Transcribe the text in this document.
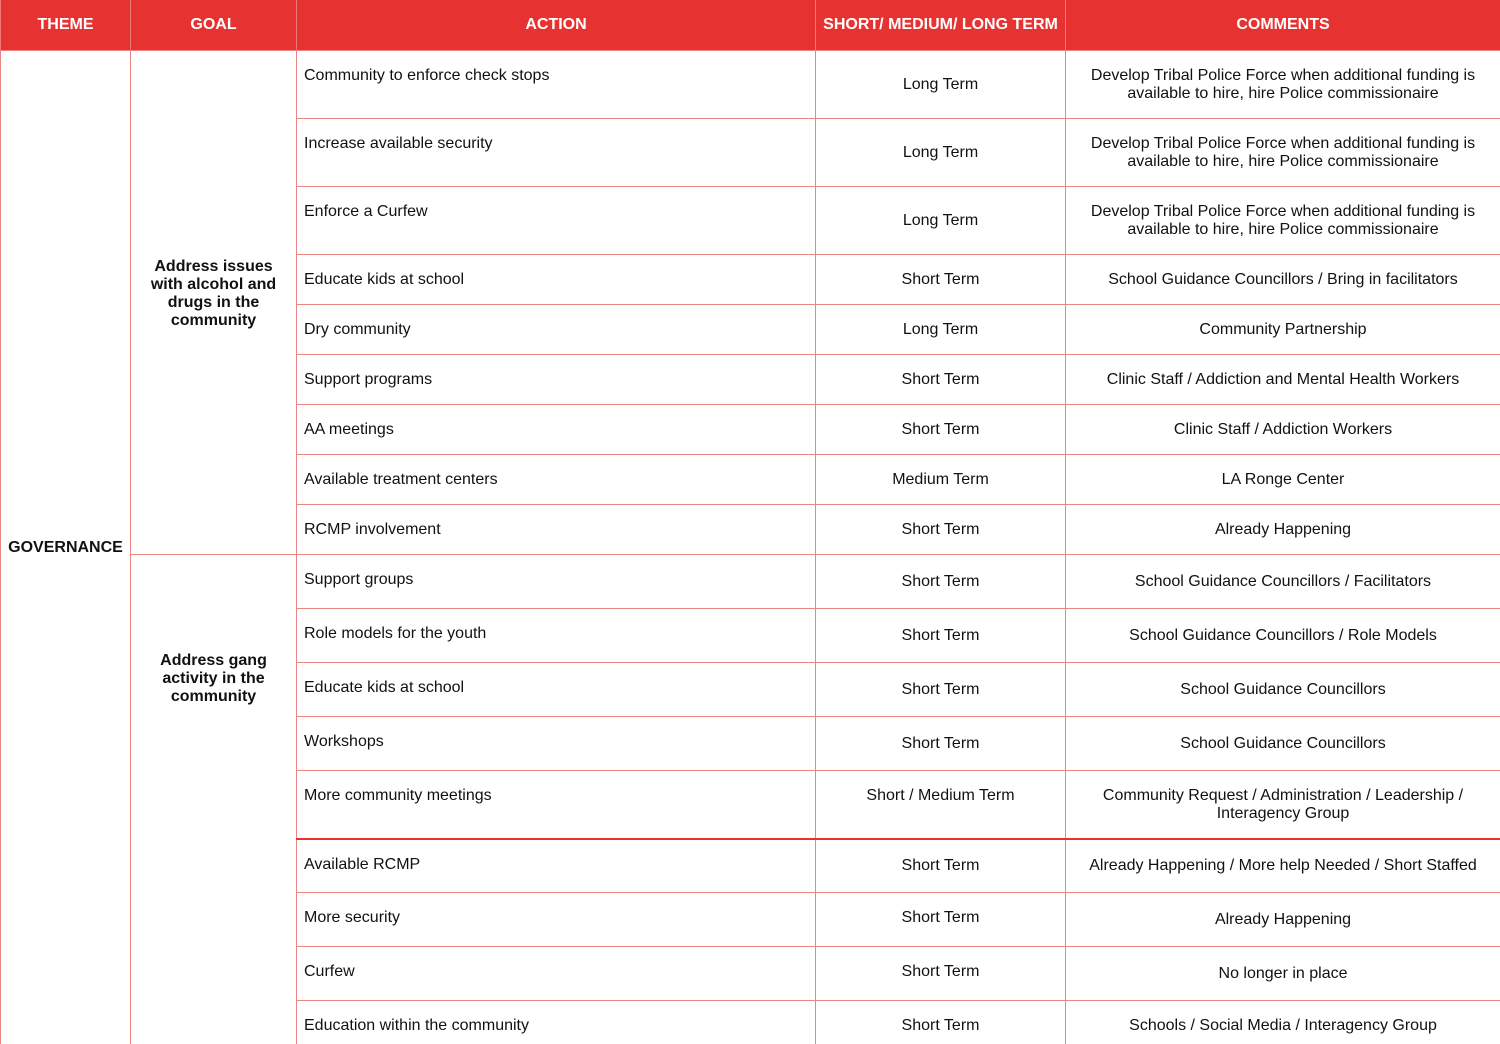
THEME	GOAL	ACTION	SHORT/ MEDIUM/ LONG TERM	COMMENTS
GOVERNANCE	Address issues with alcohol and drugs in the community	Community to enforce check stops	Long Term	Develop Tribal Police Force when additional funding is available to hire, hire Police commissionaire
		Increase available security	Long Term	Develop Tribal Police Force when additional funding is available to hire, hire Police commissionaire
		Enforce a Curfew	Long Term	Develop Tribal Police Force when additional funding is available to hire, hire Police commissionaire
		Educate kids at school	Short Term	School Guidance Councillors / Bring in facilitators
		Dry community	Long Term	Community Partnership
		Support programs	Short Term	Clinic Staff / Addiction and Mental Health Workers
		AA meetings	Short Term	Clinic Staff / Addiction Workers
		Available treatment centers	Medium Term	LA Ronge Center
		RCMP involvement	Short Term	Already Happening
	Address gang activity in the community	Support groups	Short Term	School Guidance Councillors / Facilitators
		Role models for the youth	Short Term	School Guidance Councillors / Role Models
		Educate kids at school	Short Term	School Guidance Councillors
		Workshops	Short Term	School Guidance Councillors
		More community meetings	Short / Medium Term	Community Request / Administration / Leadership / Interagency Group
		Available RCMP	Short Term	Already Happening / More help Needed / Short Staffed
		More security	Short Term	Already Happening
		Curfew	Short Term	No longer in place
		Education within the community	Short Term	Schools / Social Media / Interagency Group
